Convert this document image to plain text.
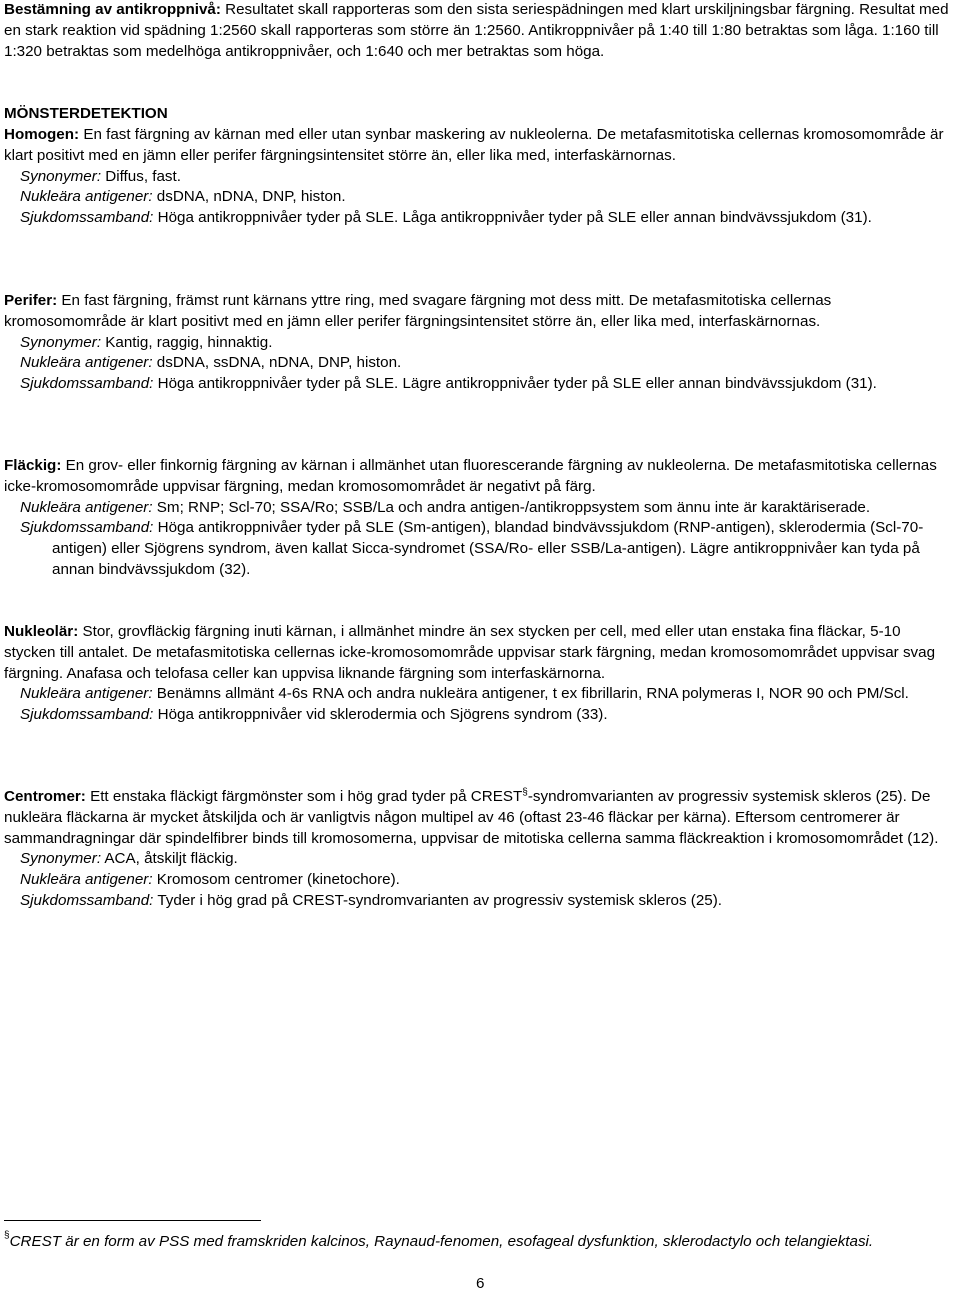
Bestämning av antikroppnivå: Resultatet skall rapporteras som den sista seriespädningen med klart urskiljningsbar färgning. Resultat med en stark reaktion vid spädning 1:2560 skall rapporteras som större än 1:2560. Antikroppnivåer på 1:40 till 1:80 betraktas som låga. 1:160 till 1:320 betraktas som medelhöga antikroppnivåer, och 1:640 och mer betraktas som höga.
MÖNSTERDETEKTION
Homogen: En fast färgning av kärnan med eller utan synbar maskering av nukleolerna. De metafasmitotiska cellernas kromosomområde är klart positivt med en jämn eller perifer färgningsintensitet större än, eller lika med, interfaskärnornas.
Synonymer: Diffus, fast.
Nukleära antigener: dsDNA, nDNA, DNP, histon.
Sjukdomssamband: Höga antikroppnivåer tyder på SLE. Låga antikroppnivåer tyder på SLE eller annan bindvävssjukdom (31).
Perifer: En fast färgning, främst runt kärnans yttre ring, med svagare färgning mot dess mitt. De metafasmitotiska cellernas kromosomområde är klart positivt med en jämn eller perifer färgningsintensitet större än, eller lika med, interfaskärnornas.
Synonymer: Kantig, raggig, hinnaktig.
Nukleära antigener: dsDNA, ssDNA, nDNA, DNP, histon.
Sjukdomssamband: Höga antikroppnivåer tyder på SLE. Lägre antikroppnivåer tyder på SLE eller annan bindvävssjukdom (31).
Fläckig: En grov- eller finkornig färgning av kärnan i allmänhet utan fluorescerande färgning av nukleolerna. De metafasmitotiska cellernas icke-kromosomområde uppvisar färgning, medan kromosomområdet är negativt på färg.
Nukleära antigener: Sm; RNP; Scl-70; SSA/Ro; SSB/La och andra antigen-/antikroppsystem som ännu inte är karaktäriserade.
Sjukdomssamband: Höga antikroppnivåer tyder på SLE (Sm-antigen), blandad bindvävssjukdom (RNP-antigen), sklerodermia (Scl-70-antigen) eller Sjögrens syndrom, även kallat Sicca-syndromet (SSA/Ro- eller SSB/La-antigen). Lägre antikroppnivåer kan tyda på annan bindvävssjukdom (32).
Nukleolär: Stor, grovfläckig färgning inuti kärnan, i allmänhet mindre än sex stycken per cell, med eller utan enstaka fina fläckar, 5-10 stycken till antalet. De metafasmitotiska cellernas icke-kromosomområde uppvisar stark färgning, medan kromosomområdet uppvisar svag färgning. Anafasa och telofasa celler kan uppvisa liknande färgning som interfaskärnorna.
Nukleära antigener: Benämns allmänt 4-6s RNA och andra nukleära antigener, t ex fibrillarin, RNA polymeras I, NOR 90 och PM/Scl.
Sjukdomssamband: Höga antikroppnivåer vid sklerodermia och Sjögrens syndrom (33).
Centromer: Ett enstaka fläckigt färgmönster som i hög grad tyder på CREST§-syndromvarianten av progressiv systemisk skleros (25). De nukleära fläckarna är mycket åtskiljda och är vanligtvis någon multipel av 46 (oftast 23-46 fläckar per kärna). Eftersom centromerer är sammandragningar där spindelfibrer binds till kromosomerna, uppvisar de mitotiska cellerna samma fläckreaktion i kromosomområdet (12).
Synonymer: ACA, åtskiljt fläckig.
Nukleära antigener: Kromosom centromer (kinetochore).
Sjukdomssamband: Tyder i hög grad på CREST-syndromvarianten av progressiv systemisk skleros (25).
§CREST är en form av PSS med framskriden kalcinos, Raynaud-fenomen, esofageal dysfunktion, sklerodactylo och telangiektasi.
6
